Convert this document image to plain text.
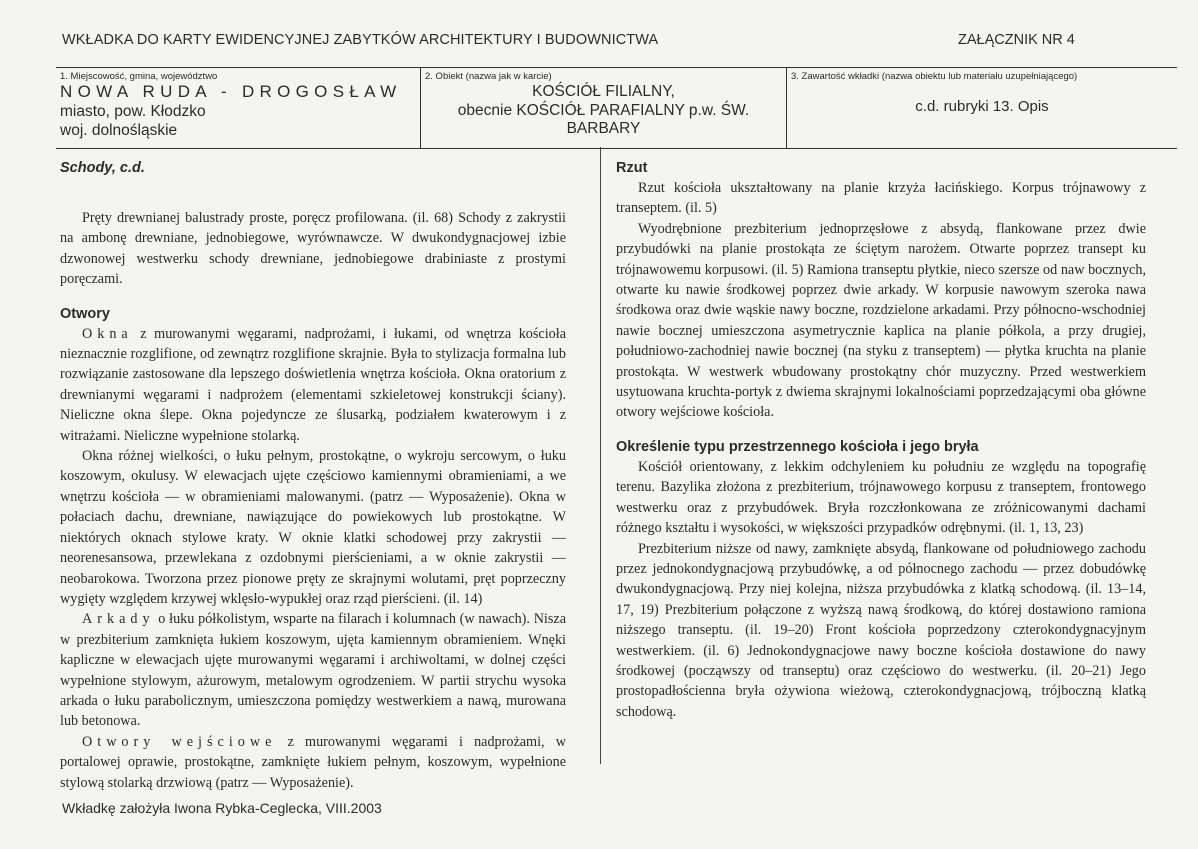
WKŁADKA DO KARTY EWIDENCYJNEJ ZABYTKÓW ARCHITEKTURY I BUDOWNICTWA	ZAŁĄCZNIK NR 4
1. Miejscowość, gmina, województwo
NOWA RUDA - DROGOSŁAW
miasto, pow. Kłodzko
woj. dolnośląskie
2. Obiekt (nazwa jak w karcie)
KOŚCIÓŁ FILIALNY,
obecnie KOŚCIÓŁ PARAFIALNY p.w. ŚW.
BARBARY
3. Zawartość wkładki (nazwa obiektu lub materiału uzupełniającego)
c.d. rubryki 13. Opis
Schody, c.d.

Pręty drewnianej balustrady proste, poręcz profilowana. (il. 68) Schody z zakrystii na ambonę drewniane, jednobiegowe, wyrównawcze. W dwukondygnacjowej izbie dzwonowej westwerku schody drewniane, jednobiegowe drabiniaste z prostymi poręczami.

Otwory

Okna z murowanymi węgarami, nadprożami, i łukami, od wnętrza kościoła nieznacznie rozglifione, od zewnątrz rozglifione skrajnie. Była to stylizacja formalna lub rozwiązanie zastosowane dla lepszego doświetlenia wnętrza kościoła. Okna oratorium z drewnianymi węgarami i nadprożem (elementami szkieletowej konstrukcji ściany). Nieliczne okna ślepe. Okna pojedyncze ze ślusarką, podziałem kwaterowym i z witrażami. Nieliczne wypełnione stolarką.

Okna różnej wielkości, o łuku pełnym, prostokątne, o wykroju sercowym, o łuku koszowym, okulusy. W elewacjach ujęte częściowo kamiennymi obramieniami, a we wnętrzu kościoła — w obramieniami malowanymi. (patrz — Wyposażenie). Okna w połaciach dachu, drewniane, nawiązujące do powiekowych lub prostokątne. W niektórych oknach stylowe kraty. W oknie klatki schodowej przy zakrystii — neorenesansowa, przewlekana z ozdobnymi pierścieniami, a w oknie zakrystii — neobarokowa. Tworzona przez pionowe pręty ze skrajnymi wolutami, pręt poprzeczny wygięty względem krzywej wklęsło-wypukłej oraz rząd pierścieni. (il. 14)

Arkady o łuku półkolistym, wsparte na filarach i kolumnach (w nawach). Nisza w prezbiterium zamknięta łukiem koszowym, ujęta kamiennym obramieniem. Wnęki kapliczne w elewacjach ujęte murowanymi węgarami i archiwoltami, w dolnej części wypełnione stylowym, ażurowym, metalowym ogrodzeniem. W partii strychu wysoka arkada o łuku parabolicznym, umieszczona pomiędzy westwerkiem a nawą, murowana lub betonowa.

Otwory wejściowe z murowanymi węgarami i nadprożami, w portalowej oprawie, prostokątne, zamknięte łukiem pełnym, koszowym, wypełnione stylową stolarką drzwiową (patrz — Wyposażenie).

Rzut

Rzut kościoła ukształtowany na planie krzyża łacińskiego. Korpus trójnawowy z transeptem. (il. 5)

Wyodrębnione prezbiterium jednoprzęsłowe z absydą, flankowane przez dwie przybudówki na planie prostokąta ze ściętym narożem. Otwarte poprzez transept ku trójnawowemu korpusowi. (il. 5) Ramiona transeptu płytkie, nieco szersze od naw bocznych, otwarte ku nawie środkowej poprzez dwie arkady. W korpusie nawowym szeroka nawa środkowa oraz dwie wąskie nawy boczne, rozdzielone arkadami. Przy północno-wschodniej nawie bocznej umieszczona asymetrycznie kaplica na planie półkola, a przy drugiej, południowo-zachodniej nawie bocznej (na styku z transeptem) — płytka kruchta na planie prostokąta. W westwerk wbudowany prostokątny chór muzyczny. Przed westwerkiem usytuowana kruchta-portyk z dwiema skrajnymi lokalnościami poprzedzającymi oba główne otwory wejściowe kościoła.

Określenie typu przestrzennego kościoła i jego bryła

Kościół orientowany, z lekkim odchyleniem ku południu ze względu na topografię terenu. Bazylika złożona z prezbiterium, trójnawowego korpusu z transeptem, frontowego westwerku oraz z przybudówek. Bryła rozczłonkowana ze zróżnicowanymi dachami różnego kształtu i wysokości, w większości przypadków odrębnymi. (il. 1, 13, 23)

Prezbiterium niższe od nawy, zamknięte absydą, flankowane od południowego zachodu przez jednokondygnacjową przybudówkę, a od północnego zachodu — przez dobudówkę dwukondygnacjową. Przy niej kolejna, niższa przybudówka z klatką schodową. (il. 13–14, 17, 19) Prezbiterium połączone z wyższą nawą środkową, do której dostawiono ramiona niższego transeptu. (il. 19–20) Front kościoła poprzedzony czterokondygnacyjnym westwerkiem. (il. 6) Jednokondygnacjowe nawy boczne kościoła dostawione do nawy środkowej (począwszy od transeptu) oraz częściowo do westwerku. (il. 20–21) Jego prostopadłościenna bryła ożywiona wieżową, czterokondygnacjową, trójboczną klatką schodową.

Wkładkę założyła Iwona Rybka-Ceglecka, VIII.2003
